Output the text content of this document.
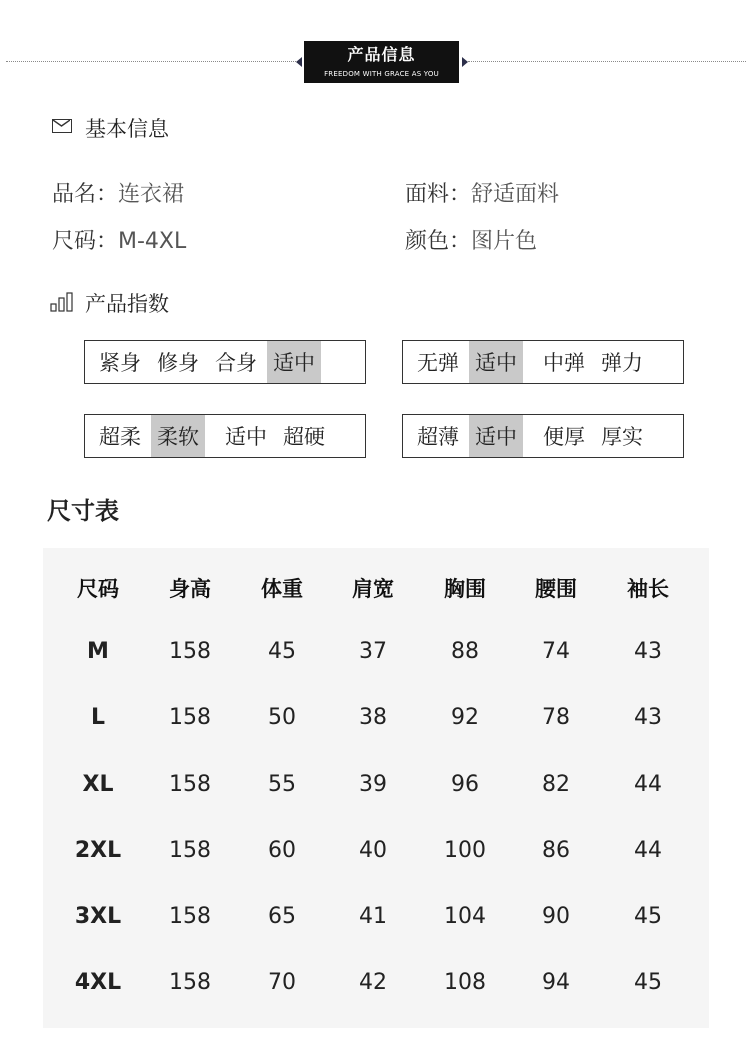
产品信息
FREEDOM WITH GRACE AS YOU
基本信息
品名：连衣裙	面料：舒适面料
尺码：M-4XL	颜色：图片色
产品指数
紧身 修身 合身 适中	无弹 适中 中弹 弹力
超柔 柔软 适中 超硬	超薄 适中 便厚 厚实
尺寸表
尺码	身高	体重	肩宽	胸围	腰围	袖长
M	158	45	37	88	74	43
L	158	50	38	92	78	43
XL	158	55	39	96	82	44
2XL	158	60	40	100	86	44
3XL	158	65	41	104	90	45
4XL	158	70	42	108	94	45
